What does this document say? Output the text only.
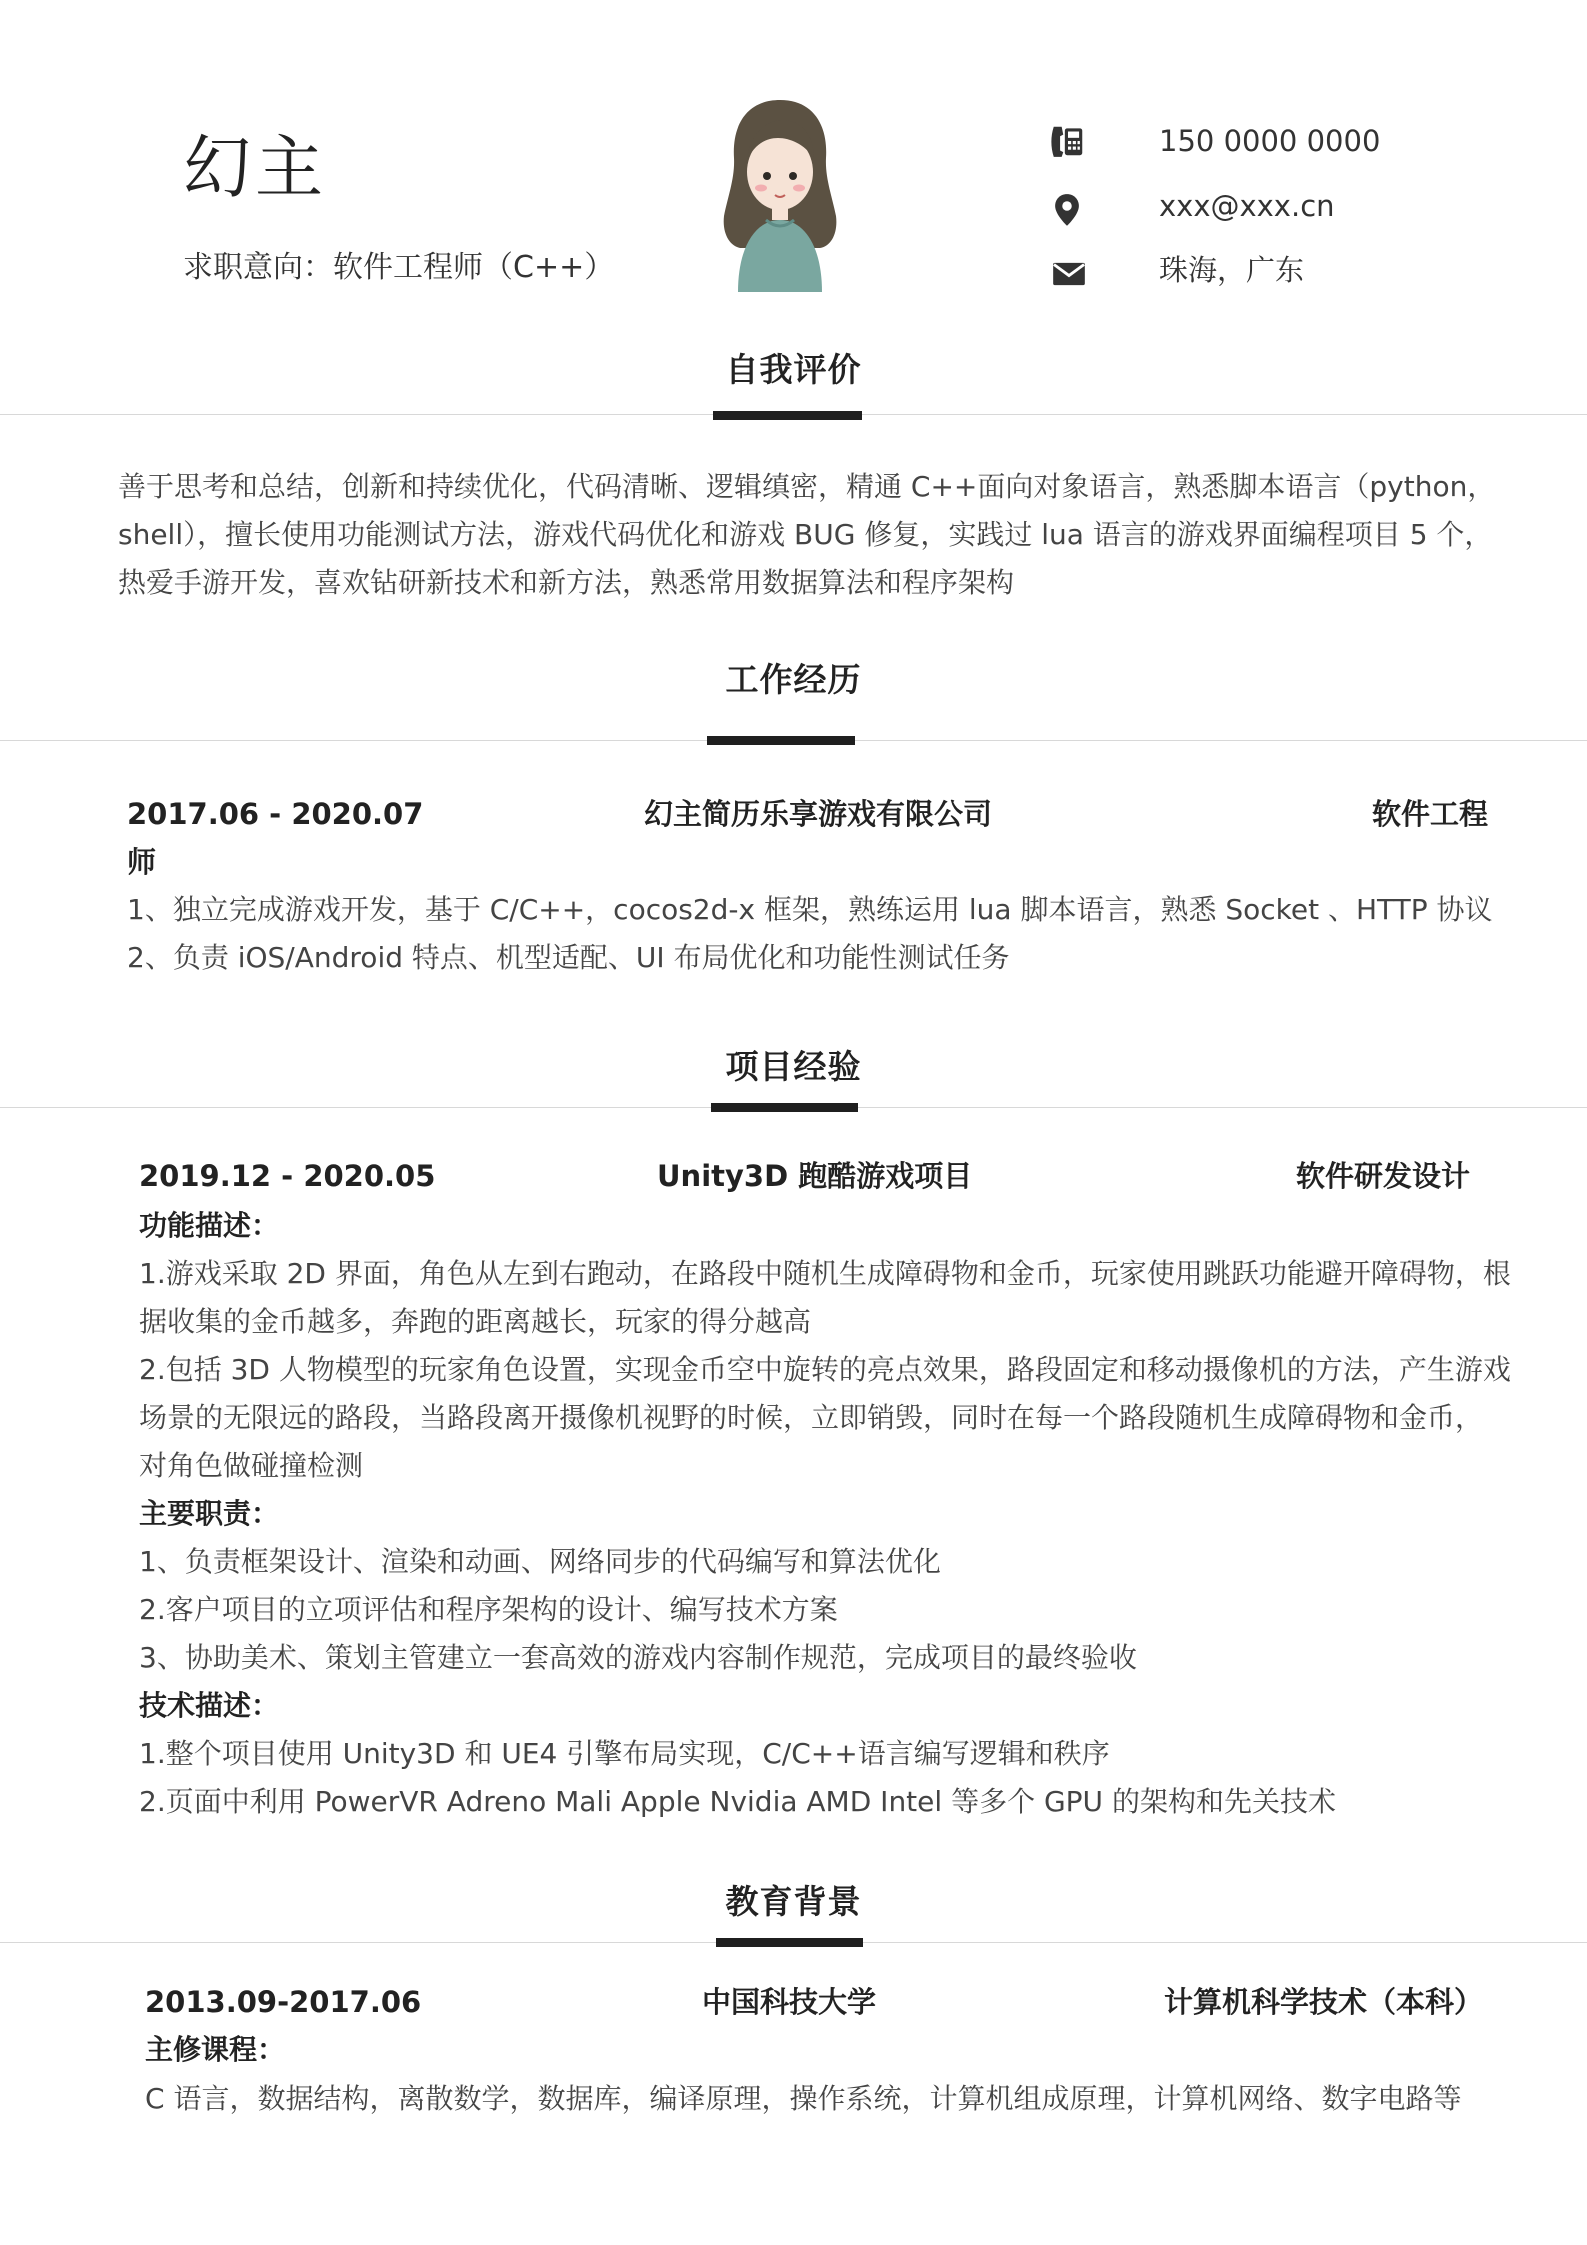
幻主
求职意向：软件工程师（C++）
150 0000 0000
xxx@xxx.cn
珠海，广东
自我评价
善于思考和总结，创新和持续优化，代码清晰、逻辑缜密，精通 C++面向对象语言，熟悉脚本语言（python，
shell），擅长使用功能测试方法，游戏代码优化和游戏 BUG 修复，实践过 lua 语言的游戏界面编程项目 5 个，
热爱手游开发，喜欢钻研新技术和新方法，熟悉常用数据算法和程序架构
工作经历
2017.06 - 2020.07	幻主简历乐享游戏有限公司	软件工程
师
1、独立完成游戏开发，基于 C/C++，cocos2d-x 框架，熟练运用 lua 脚本语言，熟悉 Socket 、HTTP 协议
2、负责 iOS/Android 特点、机型适配、UI 布局优化和功能性测试任务
项目经验
2019.12 - 2020.05	Unity3D 跑酷游戏项目	软件研发设计
功能描述：
1.游戏采取 2D 界面，角色从左到右跑动，在路段中随机生成障碍物和金币，玩家使用跳跃功能避开障碍物，根
据收集的金币越多，奔跑的距离越长，玩家的得分越高
2.包括 3D 人物模型的玩家角色设置，实现金币空中旋转的亮点效果，路段固定和移动摄像机的方法，产生游戏
场景的无限远的路段，当路段离开摄像机视野的时候，立即销毁，同时在每一个路段随机生成障碍物和金币，
对角色做碰撞检测
主要职责：
1、负责框架设计、渲染和动画、网络同步的代码编写和算法优化
2.客户项目的立项评估和程序架构的设计、编写技术方案
3、协助美术、策划主管建立一套高效的游戏内容制作规范，完成项目的最终验收
技术描述：
1.整个项目使用 Unity3D 和 UE4 引擎布局实现，C/C++语言编写逻辑和秩序
2.页面中利用 PowerVR Adreno Mali Apple Nvidia AMD Intel 等多个 GPU 的架构和先关技术
教育背景
2013.09-2017.06	中国科技大学	计算机科学技术（本科）
主修课程：
C 语言，数据结构，离散数学，数据库，编译原理，操作系统，计算机组成原理，计算机网络、数字电路等
